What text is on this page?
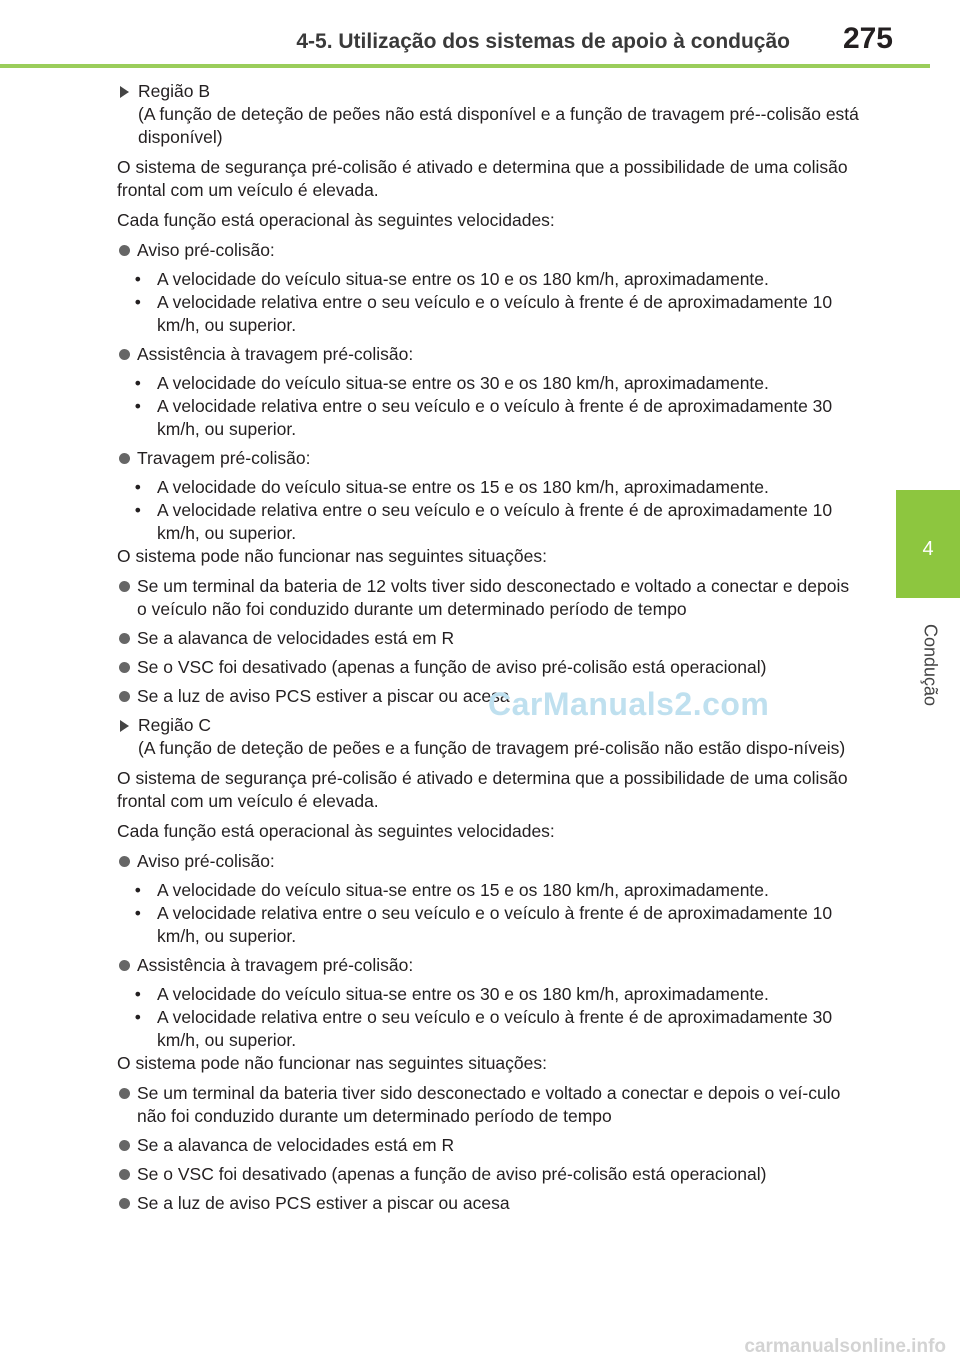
4-5. Utilização dos sistemas de apoio à condução 275
4
Condução
Região B
(A função de deteção de peões não está disponível e a função de travagem pré--colisão está disponível)

O sistema de segurança pré-colisão é ativado e determina que a possibilidade de uma colisão frontal com um veículo é elevada.

Cada função está operacional às seguintes velocidades:

Aviso pré-colisão:
• A velocidade do veículo situa-se entre os 10 e os 180 km/h, aproximadamente.
• A velocidade relativa entre o seu veículo e o veículo à frente é de aproximadamente 10 km/h, ou superior.
Assistência à travagem pré-colisão:
• A velocidade do veículo situa-se entre os 30 e os 180 km/h, aproximadamente.
• A velocidade relativa entre o seu veículo e o veículo à frente é de aproximadamente 30 km/h, ou superior.
Travagem pré-colisão:
• A velocidade do veículo situa-se entre os 15 e os 180 km/h, aproximadamente.
• A velocidade relativa entre o seu veículo e o veículo à frente é de aproximadamente 10 km/h, ou superior.

O sistema pode não funcionar nas seguintes situações:

Se um terminal da bateria de 12 volts tiver sido desconectado e voltado a conectar e depois o veículo não foi conduzido durante um determinado período de tempo
Se a alavanca de velocidades está em R
Se o VSC foi desativado (apenas a função de aviso pré-colisão está operacional)
Se a luz de aviso PCS estiver a piscar ou acesa
Região C
(A função de deteção de peões e a função de travagem pré-colisão não estão dispo-níveis)

O sistema de segurança pré-colisão é ativado e determina que a possibilidade de uma colisão frontal com um veículo é elevada.

Cada função está operacional às seguintes velocidades:

Aviso pré-colisão:
• A velocidade do veículo situa-se entre os 15 e os 180 km/h, aproximadamente.
• A velocidade relativa entre o seu veículo e o veículo à frente é de aproximadamente 10 km/h, ou superior.
Assistência à travagem pré-colisão:
• A velocidade do veículo situa-se entre os 30 e os 180 km/h, aproximadamente.
• A velocidade relativa entre o seu veículo e o veículo à frente é de aproximadamente 30 km/h, ou superior.

O sistema pode não funcionar nas seguintes situações:

Se um terminal da bateria tiver sido desconectado e voltado a conectar e depois o veí-culo não foi conduzido durante um determinado período de tempo
Se a alavanca de velocidades está em R
Se o VSC foi desativado (apenas a função de aviso pré-colisão está operacional)
Se a luz de aviso PCS estiver a piscar ou acesa
CarManuals2.com
carmanualsonline.info
